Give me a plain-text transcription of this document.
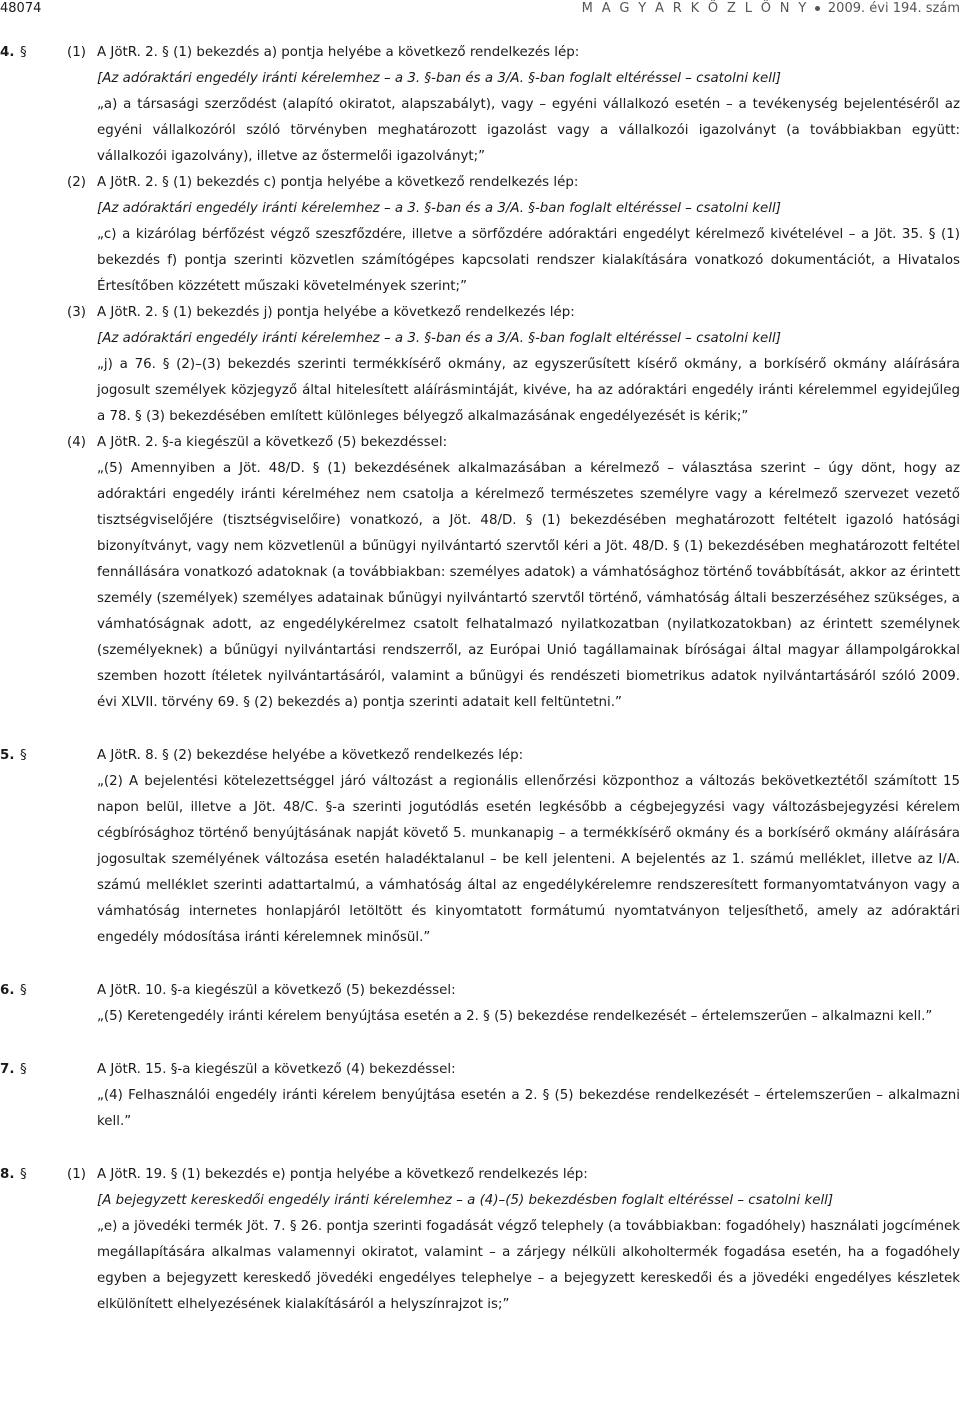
48074	M A G Y A R K Ö Z L Ö N Y 2009. évi 194. szám
4. §	(1) A JötR. 2. § (1) bekezdés a) pontja helyébe a következő rendelkezés lép:

[Az adóraktári engedély iránti kérelemhez – a 3. §-ban és a 3/A. §-ban foglalt eltéréssel – csatolni kell]

„a) a társasági szerződést (alapító okiratot, alapszabályt), vagy – egyéni vállalkozó esetén – a tevékenység bejelentéséről az egyéni vállalkozóról szóló törvényben meghatározott igazolást vagy a vállalkozói igazolványt (a továbbiakban együtt: vállalkozói igazolvány), illetve az őstermelői igazolványt;”

(2) A JötR. 2. § (1) bekezdés c) pontja helyébe a következő rendelkezés lép:

[Az adóraktári engedély iránti kérelemhez – a 3. §-ban és a 3/A. §-ban foglalt eltéréssel – csatolni kell]

„c) a kizárólag bérfőzést végző szeszfőzdére, illetve a sörfőzdére adóraktári engedélyt kérelmező kivételével – a Jöt. 35. § (1) bekezdés f) pontja szerinti közvetlen számítógépes kapcsolati rendszer kialakítására vonatkozó dokumentációt, a Hivatalos Értesítőben közzétett műszaki követelmények szerint;”

(3) A JötR. 2. § (1) bekezdés j) pontja helyébe a következő rendelkezés lép:

[Az adóraktári engedély iránti kérelemhez – a 3. §-ban és a 3/A. §-ban foglalt eltéréssel – csatolni kell]

„j) a 76. § (2)–(3) bekezdés szerinti termékkísérő okmány, az egyszerűsített kísérő okmány, a borkísérő okmány aláírására jogosult személyek közjegyző által hitelesített aláírásmintáját, kivéve, ha az adóraktári engedély iránti kérelemmel egyidejűleg a 78. § (3) bekezdésében említett különleges bélyegző alkalmazásának engedélyezését is kérik;”

(4) A JötR. 2. §-a kiegészül a következő (5) bekezdéssel:

„(5) Amennyiben a Jöt. 48/D. § (1) bekezdésének alkalmazásában a kérelmező – választása szerint – úgy dönt, hogy az adóraktári engedély iránti kérelméhez nem csatolja a kérelmező természetes személyre vagy a kérelmező szervezet vezető tisztségviselőjére (tisztségviselőire) vonatkozó, a Jöt. 48/D. § (1) bekezdésében meghatározott feltételt igazoló hatósági bizonyítványt, vagy nem közvetlenül a bűnügyi nyilvántartó szervtől kéri a Jöt. 48/D. § (1) bekezdésében meghatározott feltétel fennállására vonatkozó adatoknak (a továbbiakban: személyes adatok) a vámhatósághoz történő továbbítását, akkor az érintett személy (személyek) személyes adatainak bűnügyi nyilvántartó szervtől történő, vámhatóság általi beszerzéséhez szükséges, a vámhatóságnak adott, az engedélykérelmez csatolt felhatalmazó nyilatkozatban (nyilatkozatokban) az érintett személynek (személyeknek) a bűnügyi nyilvántartási rendszerről, az Európai Unió tagállamainak bíróságai által magyar állampolgárokkal szemben hozott ítéletek nyilvántartásáról, valamint a bűnügyi és rendészeti biometrikus adatok nyilvántartásáról szóló 2009. évi XLVII. törvény 69. § (2) bekezdés a) pontja szerinti adatait kell feltüntetni.”

5. §	A JötR. 8. § (2) bekezdése helyébe a következő rendelkezés lép:

„(2) A bejelentési kötelezettséggel járó változást a regionális ellenőrzési központhoz a változás bekövetkeztétől számított 15 napon belül, illetve a Jöt. 48/C. §-a szerinti jogutódlás esetén legkésőbb a cégbejegyzési vagy változásbejegyzési kérelem cégbírósághoz történő benyújtásának napját követő 5. munkanapig – a termékkísérő okmány és a borkísérő okmány aláírására jogosultak személyének változása esetén haladéktalanul – be kell jelenteni. A bejelentés az 1. számú melléklet, illetve az I/A. számú melléklet szerinti adattartalmú, a vámhatóság által az engedélykérelemre rendszeresített formanyomtatványon vagy a vámhatóság internetes honlapjáról letöltött és kinyomtatott formátumú nyomtatványon teljesíthető, amely az adóraktári engedély módosítása iránti kérelemnek minősül.”

6. §	A JötR. 10. §-a kiegészül a következő (5) bekezdéssel:

„(5) Keretengedély iránti kérelem benyújtása esetén a 2. § (5) bekezdése rendelkezését – értelemszerűen – alkalmazni kell.”

7. §	A JötR. 15. §-a kiegészül a következő (4) bekezdéssel:

„(4) Felhasználói engedély iránti kérelem benyújtása esetén a 2. § (5) bekezdése rendelkezését – értelemszerűen – alkalmazni kell.”

8. §	(1) A JötR. 19. § (1) bekezdés e) pontja helyébe a következő rendelkezés lép:

[A bejegyzett kereskedői engedély iránti kérelemhez – a (4)–(5) bekezdésben foglalt eltéréssel – csatolni kell]

„e) a jövedéki termék Jöt. 7. § 26. pontja szerinti fogadását végző telephely (a továbbiakban: fogadóhely) használati jogcímének megállapítására alkalmas valamennyi okiratot, valamint – a zárjegy nélküli alkoholtermék fogadása esetén, ha a fogadóhely egyben a bejegyzett kereskedő jövedéki engedélyes telephelye – a bejegyzett kereskedői és a jövedéki engedélyes készletek elkülönített elhelyezésének kialakításáról a helyszínrajzot is;”
